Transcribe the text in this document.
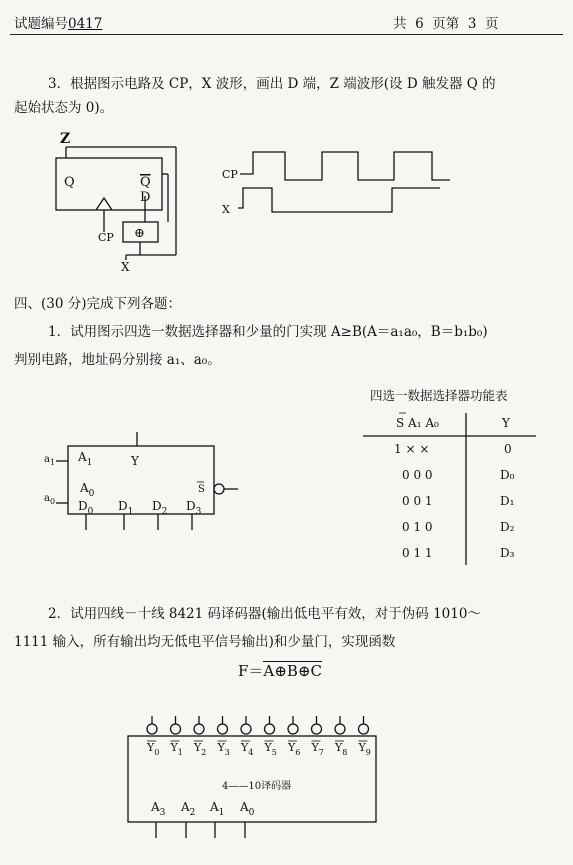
试题编号0417	共  6  页第  3  页
3．根据图示电路及 CP，X 波形，画出 D 端，Z 端波形(设 D 触发器 Q 的
起始状态为 0)。
Z
Q	Q
D
CP ⊕
X
CP
X
四、(30 分)完成下列各题：
1．试用图示四选一数据选择器和少量的门实现 A≥B(A＝a₁a₀，B＝b₁b₀)
判别电路，地址码分别接 a₁、a₀。
Y
$A_1$
$a_1$
$A_0$
$a_0$
S
$D_0$ $D_1$ $D_2$ $D_3$
四选一数据选择器功能表
S A₁ A₀	Y
1 × ×	0
0 0 0	D₀
0 0 1	D₁
0 1 0	D₂
0 1 1	D₃
2．试用四线－十线 8421 码译码器(输出低电平有效，对于伪码 1010～
1111 输入，所有输出均无低电平信号输出)和少量门，实现函数
F＝A⊕B⊕C
4——10译码器
$Y_0$ $Y_1$ $Y_2$ $Y_3$ $Y_4$ $Y_5$ $Y_6$ $Y_7$ $Y_8$ $Y_9$
$A_3$ $A_2$ $A_1$ $A_0$
